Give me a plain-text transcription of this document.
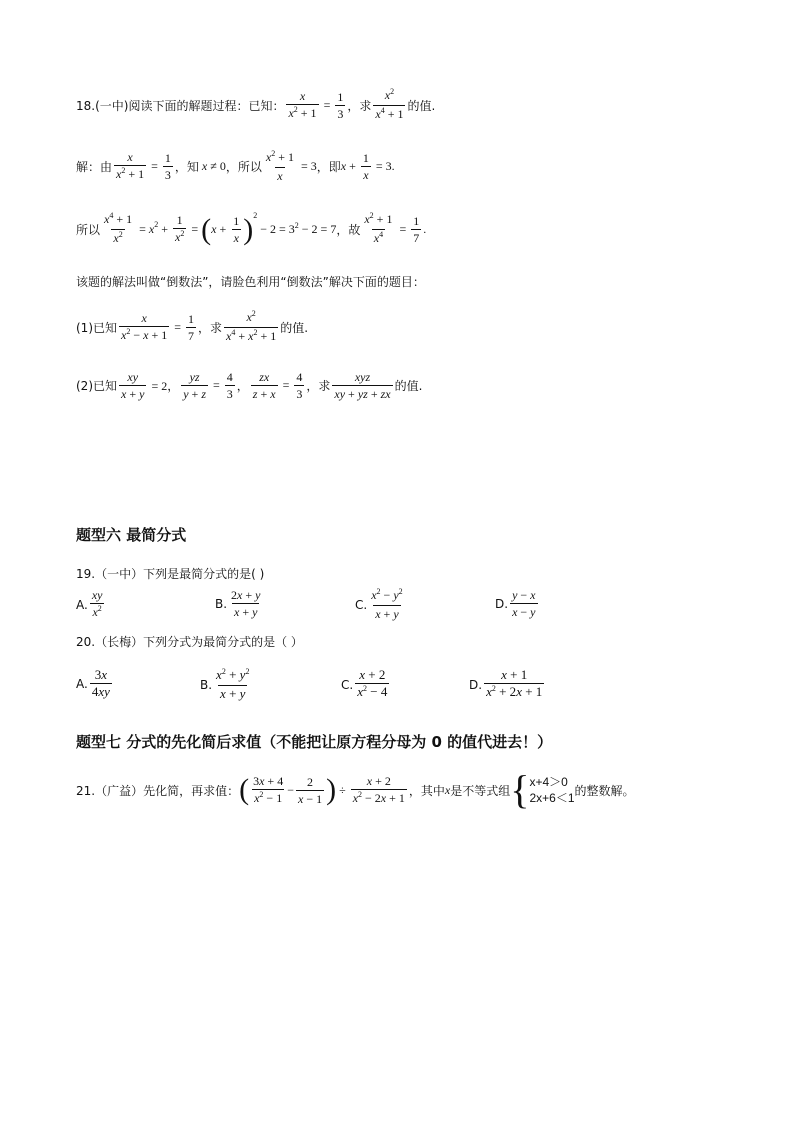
18.(一中)阅读下面的解题过程：已知： $\frac{x}{x^2 + 1} = \frac{1}{3}$ ，求 $\frac{x^2}{x^4 + 1}$ 的值.
解：由 $\frac{x}{x^2 + 1} = \frac{1}{3}$ ，知 x ≠ 0 ，所以 $\frac{x^2 + 1}{x} = 3$ ，即 $x + \frac{1}{x} = 3$.
所以 $\frac{x^4 + 1}{x^2} = x$ $2 + \frac{1}{x^2}$ = ( $x + \frac{1}{x}$ ) 2
− $2 = 3^2 - 2 = 7$ ，故 $\frac{x^2 + 1}{x^4} = \frac{1}{7}$ .
该题的解法叫做“倒数法”，请脸色利用“倒数法”解决下面的题目：
(1)已知 $\frac{x}{x^2 - x + 1} = \frac{1}{7}$ ，求 $\frac{x^2}{x^4 + x^2 + 1}$ 的值.
(2)已知 $\frac{xy}{x + y} = 2$， $\frac{yz}{y + z} = \frac{4}{3}$ ， $\frac{zx}{z + x} = \frac{4}{3}$ ，求 $\frac{\text{xyz}}{xy + yz + zx}$ 的值.
题型六 最简分式
19.（一中）下列是最简分式的是( )
A. $\frac{xy}{x^2}$	B. $\frac{2x + y}{x + y}$	C. $\frac{x^2 - y^2}{x + y}$	D. $\frac{y - x}{x - y}$
20.（长梅）下列分式为最简分式的是（ ）
A. $\frac{3x}{4xy}$	B. $\frac{x^2 + y^2}{x + y}$	C. $\frac{x + 2}{x^2 - 4}$	D. $\frac{x + 1}{x^2 + 2x + 1}$
题型七 分式的先化简后求值（不能把让原方程分母为 0 的值代进去！）
21.（广益）先化简，再求值： ( $\frac{3x + 4}{x^2 - 1} - \frac{2}{x - 1}$ ) ÷ $\frac{x + 2}{x^2 - 2x + 1}$ ，其中 x 是不等式组 { x+4＞0
2x+6＜1
的整数解。
